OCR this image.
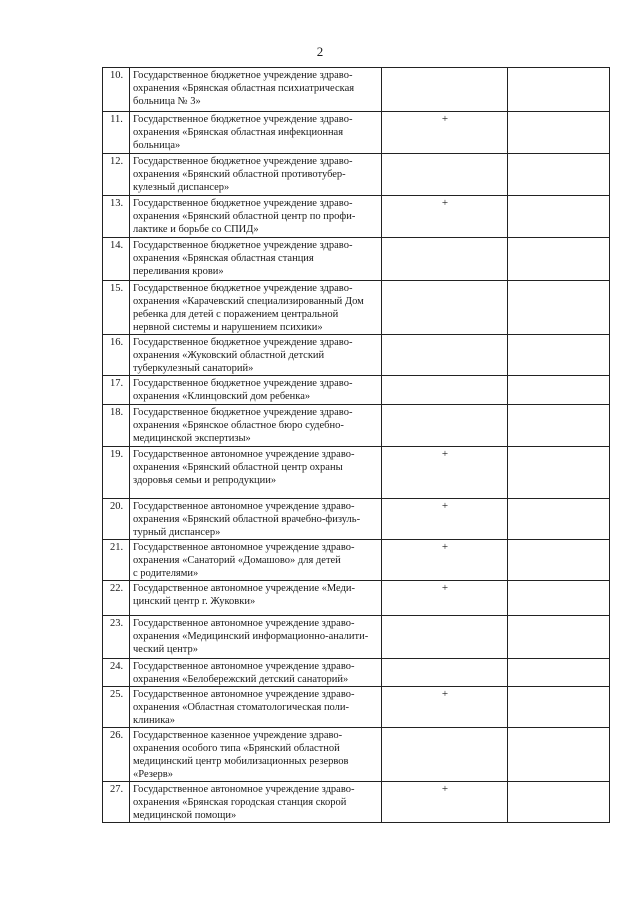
2
10.	Государственное бюджетное учреждение здраво-
охранения «Брянская областная психиатрическая
больница № 3»		
11.	Государственное бюджетное учреждение здраво-
охранения «Брянская областная инфекционная
больница»	+	
12.	Государственное бюджетное учреждение здраво-
охранения «Брянский областной противотубер-
кулезный диспансер»		
13.	Государственное бюджетное учреждение здраво-
охранения «Брянский областной центр по профи-
лактике и борьбе со СПИД»	+	
14.	Государственное бюджетное учреждение здраво-
охранения «Брянская областная станция
переливания крови»		
15.	Государственное бюджетное учреждение здраво-
охранения «Карачевский специализированный Дом
ребенка для детей с поражением центральной
нервной системы и нарушением психики»		
16.	Государственное бюджетное учреждение здраво-
охранения «Жуковский областной детский
туберкулезный санаторий»		
17.	Государственное бюджетное учреждение здраво-
охранения «Клинцовский дом ребенка»		
18.	Государственное бюджетное учреждение здраво-
охранения «Брянское областное бюро судебно-
медицинской экспертизы»		
19.	Государственное автономное учреждение здраво-
охранения «Брянский областной центр охраны
здоровья семьи и репродукции»	+	
20.	Государственное автономное учреждение здраво-
охранения «Брянский областной врачебно-физуль-
турный диспансер»	+	
21.	Государственное автономное учреждение здраво-
охранения «Санаторий «Домашово» для детей
с родителями»	+	
22.	Государственное автономное учреждение «Меди-
цинский центр г. Жуковки»	+	
23.	Государственное автономное учреждение здраво-
охранения «Медицинский информационно-аналити-
ческий центр»		
24.	Государственное автономное учреждение здраво-
охранения «Белобережский детский санаторий»		
25.	Государственное автономное учреждение здраво-
охранения «Областная стоматологическая поли-
клиника»	+	
26.	Государственное казенное учреждение здраво-
охранения особого типа «Брянский областной
медицинский центр мобилизационных резервов
«Резерв»		
27.	Государственное автономное учреждение здраво-
охранения «Брянская городская станция скорой
медицинской помощи»	+	
